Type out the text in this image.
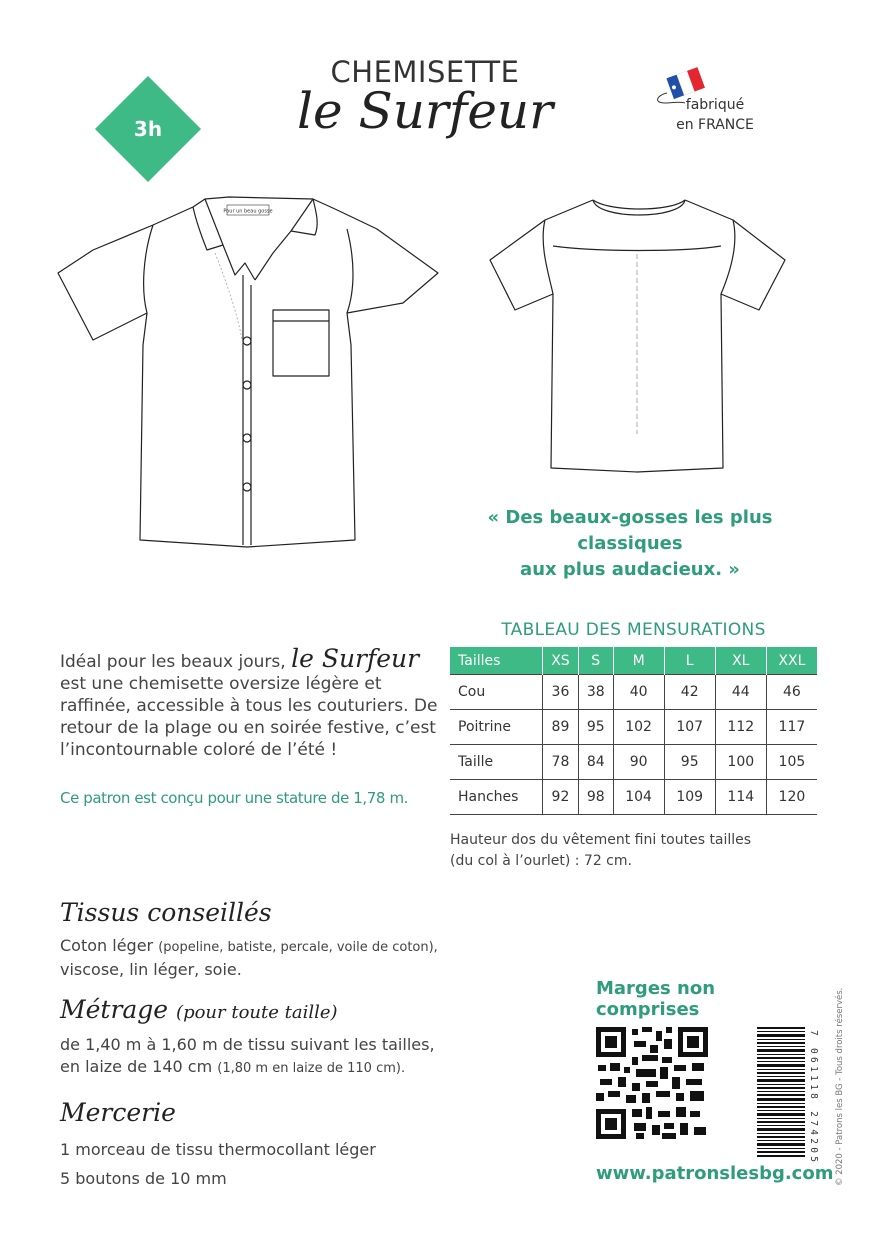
3h
CHEMISETTE
le Surfeur	fabriqué
en FRANCE
Pour un beau gosse
« Des beaux-gosses les plus classiques
aux plus audacieux. »
Idéal pour les beaux jours, le Surfeur est une chemisette oversize légère et raffinée, accessible à tous les couturiers. De retour de la plage ou en soirée festive, c’est l’incontournable coloré de l’été !
Ce patron est conçu pour une stature de 1,78 m.
TABLEAU DES MENSURATIONS
Tailles	XS	S	M	L	XL	XXL
Cou	36	38	40	42	44	46
Poitrine	89	95	102	107	112	117
Taille	78	84	90	95	100	105
Hanches	92	98	104	109	114	120
Hauteur dos du vêtement fini toutes tailles
(du col à l’ourlet) : 72 cm.
Tissus conseillés
Coton léger (popeline, batiste, percale, voile de coton),
viscose, lin léger, soie.
Métrage (pour toute taille)
de 1,40 m à 1,60 m de tissu suivant les tailles,
en laize de 140 cm (1,80 m en laize de 110 cm).
Mercerie
1 morceau de tissu thermocollant léger
5 boutons de 10 mm
Marges non comprises
7 061118 274205 © 2020 - Patrons les BG - Tous droits réservés.
www.patronslesbg.com
